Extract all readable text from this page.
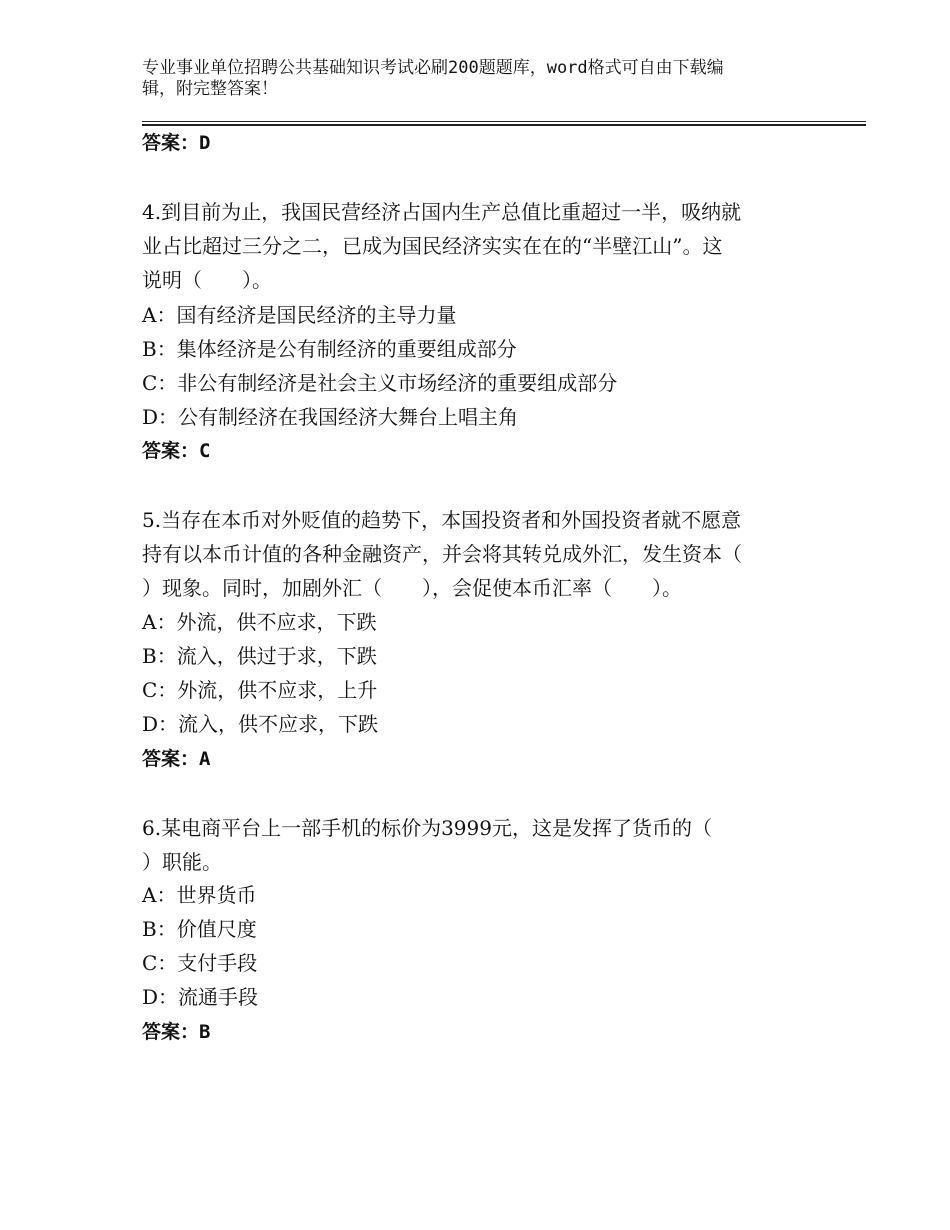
专业事业单位招聘公共基础知识考试必刷200题题库，word格式可自由下载编
辑，附完整答案！
答案：D
4.到目前为止，我国民营经济占国内生产总值比重超过一半，吸纳就
业占比超过三分之二，已成为国民经济实实在在的“半壁江山”。这
说明（　　）。
A：国有经济是国民经济的主导力量
B：集体经济是公有制经济的重要组成部分
C：非公有制经济是社会主义市场经济的重要组成部分
D：公有制经济在我国经济大舞台上唱主角
答案：C
5.当存在本币对外贬值的趋势下，本国投资者和外国投资者就不愿意
持有以本币计值的各种金融资产，并会将其转兑成外汇，发生资本（
）现象。同时，加剧外汇（　　），会促使本币汇率（　　）。
A：外流，供不应求，下跌
B：流入，供过于求，下跌
C：外流，供不应求，上升
D：流入，供不应求，下跌
答案：A
6.某电商平台上一部手机的标价为3999元，这是发挥了货币的（
）职能。
A：世界货币
B：价值尺度
C：支付手段
D：流通手段
答案：B
